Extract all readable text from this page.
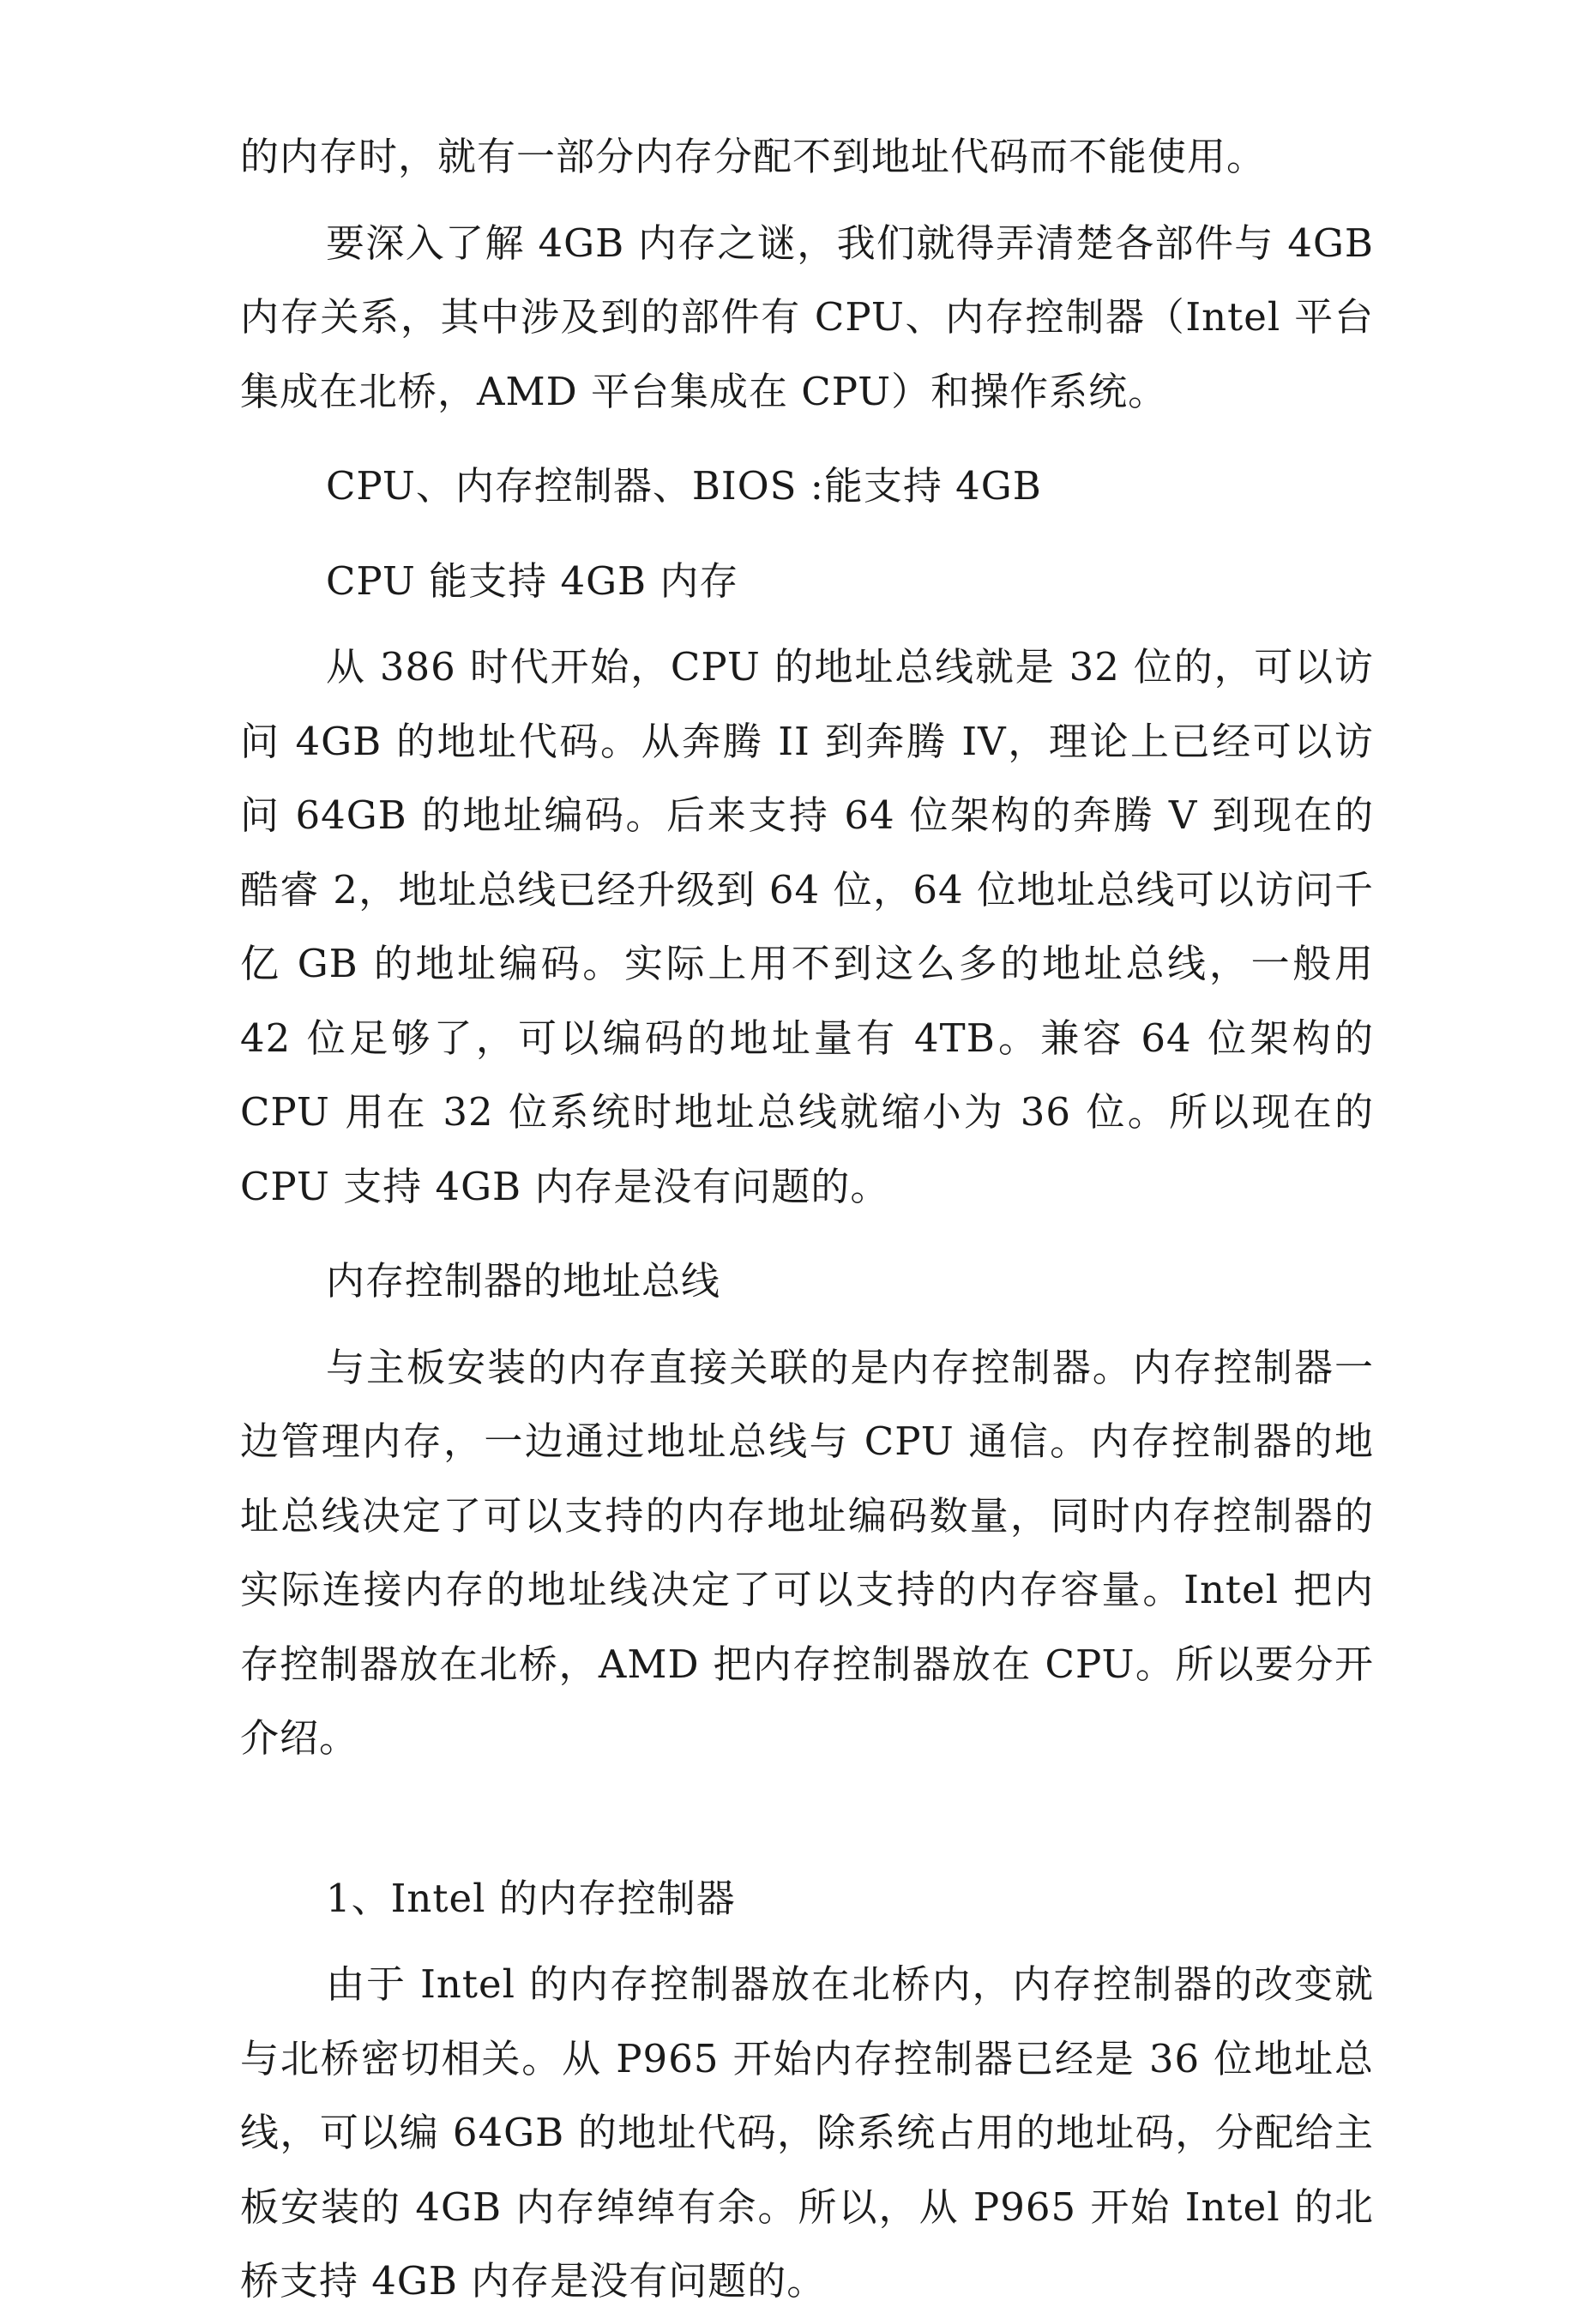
的内存时，就有一部分内存分配不到地址代码而不能使用。

要深入了解 4GB 内存之谜，我们就得弄清楚各部件与 4GB 内存关系，其中涉及到的部件有 CPU、内存控制器（Intel 平台集成在北桥，AMD 平台集成在 CPU）和操作系统。

CPU、内存控制器、BIOS :能支持 4GB

CPU 能支持 4GB 内存

从 386 时代开始，CPU 的地址总线就是 32 位的，可以访问 4GB 的地址代码。从奔腾 II 到奔腾 IV，理论上已经可以访问 64GB 的地址编码。后来支持 64 位架构的奔腾 V 到现在的酷睿 2，地址总线已经升级到 64 位，64 位地址总线可以访问千亿 GB 的地址编码。实际上用不到这么多的地址总线，一般用 42 位足够了，可以编码的地址量有 4TB。兼容 64 位架构的 CPU 用在 32 位系统时地址总线就缩小为 36 位。所以现在的 CPU 支持 4GB 内存是没有问题的。

内存控制器的地址总线

与主板安装的内存直接关联的是内存控制器。内存控制器一边管理内存，一边通过地址总线与 CPU 通信。内存控制器的地址总线决定了可以支持的内存地址编码数量，同时内存控制器的实际连接内存的地址线决定了可以支持的内存容量。Intel 把内存控制器放在北桥，AMD 把内存控制器放在 CPU。所以要分开介绍。

1、Intel 的内存控制器

由于 Intel 的内存控制器放在北桥内，内存控制器的改变就与北桥密切相关。从 P965 开始内存控制器已经是 36 位地址总线，可以编 64GB 的地址代码，除系统占用的地址码，分配给主板安装的 4GB 内存绰绰有余。所以，从 P965 开始 Intel 的北桥支持 4GB 内存是没有问题的。
